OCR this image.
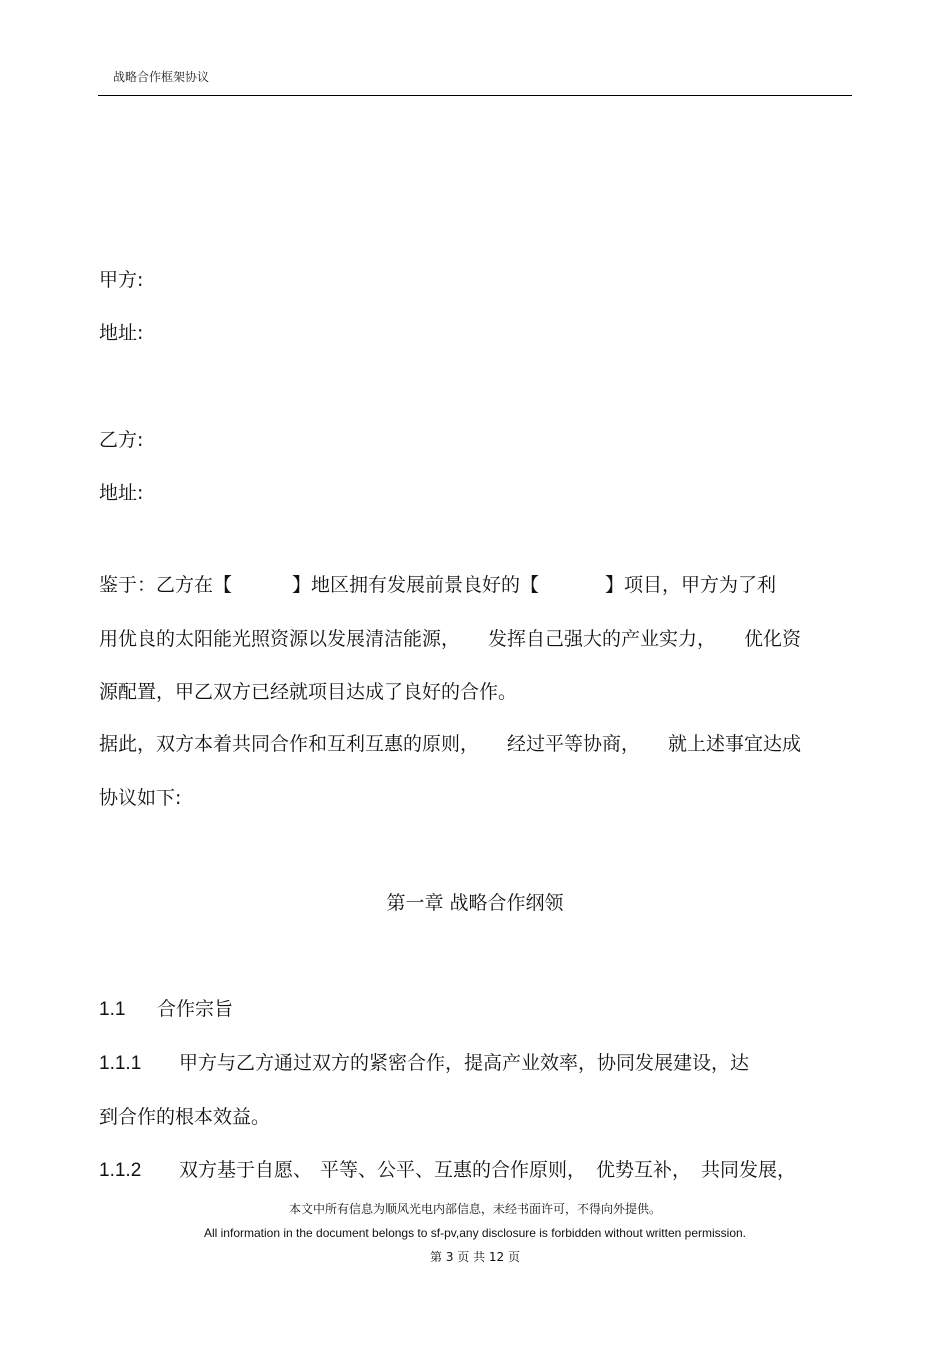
战略合作框架协议
甲方:
地址:
乙方:
地址:
鉴于：乙方在【	】地区拥有发展前景良好的【	】项目，甲方为了利
用优良的太阳能光照资源以发展清洁能源， 发挥自己强大的产业实力， 优化资
源配置，甲乙双方已经就项目达成了良好的合作。
据此，双方本着共同合作和互利互惠的原则， 经过平等协商， 就上述事宜达成
协议如下:
第一章 战略合作纲领
1.1 合作宗旨
1.1.1 甲方与乙方通过双方的紧密合作，提高产业效率，协同发展建设，达
到合作的根本效益。
1.1.2 双方基于自愿、 平等、公平、互惠的合作原则， 优势互补， 共同发展，
本文中所有信息为顺风光电内部信息，未经书面许可，不得向外提供。
All information in the document belongs to sf-pv,any disclosure is forbidden without written permission.
第 3 页 共 12 页
